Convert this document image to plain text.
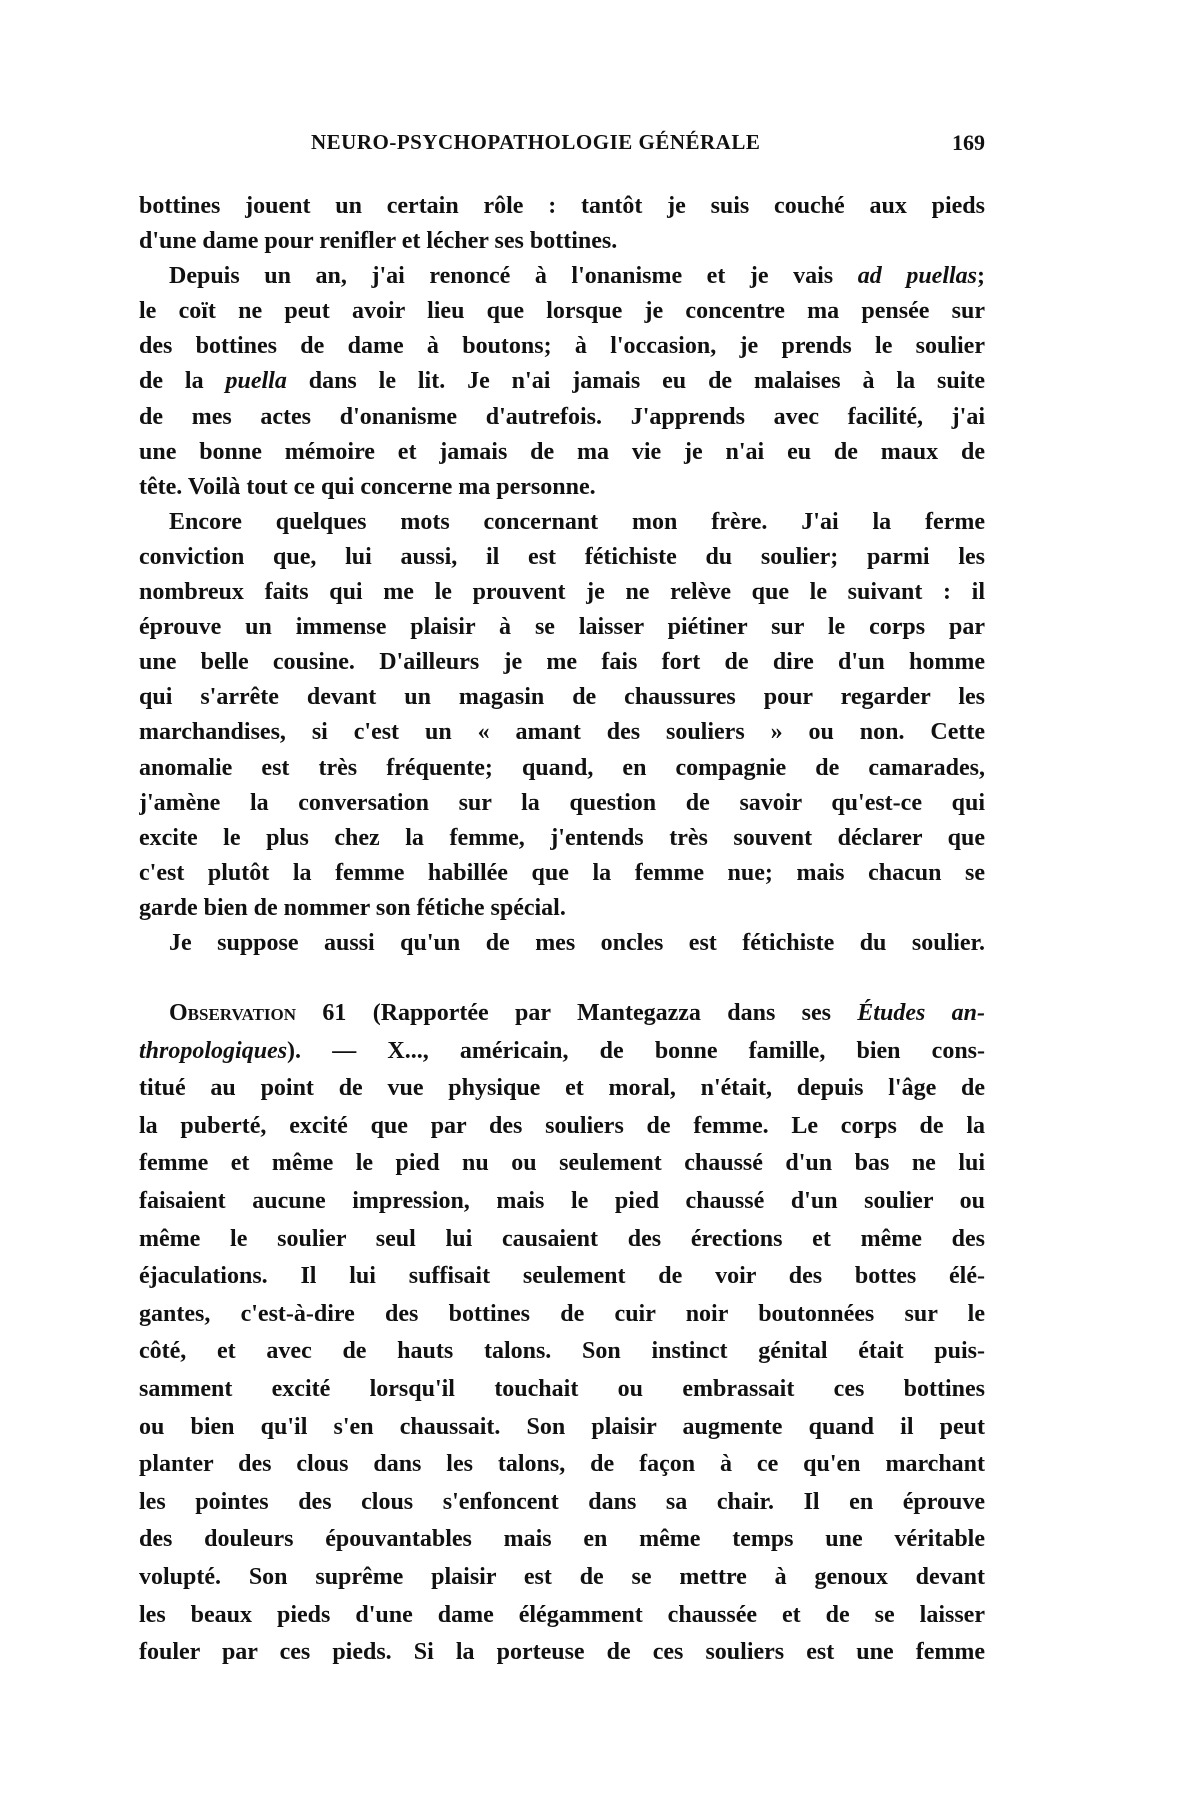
NEURO-PSYCHOPATHOLOGIE GÉNÉRALE	169
bottines jouent un certain rôle : tantôt je suis couché aux pieds
d'une dame pour renifler et lécher ses bottines.
Depuis un an, j'ai renoncé à l'onanisme et je vais ad puellas;
le coït ne peut avoir lieu que lorsque je concentre ma pensée sur
des bottines de dame à boutons; à l'occasion, je prends le soulier
de la puella dans le lit. Je n'ai jamais eu de malaises à la suite
de mes actes d'onanisme d'autrefois. J'apprends avec facilité, j'ai
une bonne mémoire et jamais de ma vie je n'ai eu de maux de
tête. Voilà tout ce qui concerne ma personne.
Encore quelques mots concernant mon frère. J'ai la ferme
conviction que, lui aussi, il est fétichiste du soulier; parmi les
nombreux faits qui me le prouvent je ne relève que le suivant : il
éprouve un immense plaisir à se laisser piétiner sur le corps par
une belle cousine. D'ailleurs je me fais fort de dire d'un homme
qui s'arrête devant un magasin de chaussures pour regarder les
marchandises, si c'est un « amant des souliers » ou non. Cette
anomalie est très fréquente; quand, en compagnie de camarades,
j'amène la conversation sur la question de savoir qu'est-ce qui
excite le plus chez la femme, j'entends très souvent déclarer que
c'est plutôt la femme habillée que la femme nue; mais chacun se
garde bien de nommer son fétiche spécial.
Je suppose aussi qu'un de mes oncles est fétichiste du soulier.
Observation 61 (Rapportée par Mantegazza dans ses Études an-
thropologiques). — X..., américain, de bonne famille, bien cons-
titué au point de vue physique et moral, n'était, depuis l'âge de
la puberté, excité que par des souliers de femme. Le corps de la
femme et même le pied nu ou seulement chaussé d'un bas ne lui
faisaient aucune impression, mais le pied chaussé d'un soulier ou
même le soulier seul lui causaient des érections et même des
éjaculations. Il lui suffisait seulement de voir des bottes élé-
gantes, c'est-à-dire des bottines de cuir noir boutonnées sur le
côté, et avec de hauts talons. Son instinct génital était puis-
samment excité lorsqu'il touchait ou embrassait ces bottines
ou bien qu'il s'en chaussait. Son plaisir augmente quand il peut
planter des clous dans les talons, de façon à ce qu'en marchant
les pointes des clous s'enfoncent dans sa chair. Il en éprouve
des douleurs épouvantables mais en même temps une véritable
volupté. Son suprême plaisir est de se mettre à genoux devant
les beaux pieds d'une dame élégamment chaussée et de se laisser
fouler par ces pieds. Si la porteuse de ces souliers est une femme
